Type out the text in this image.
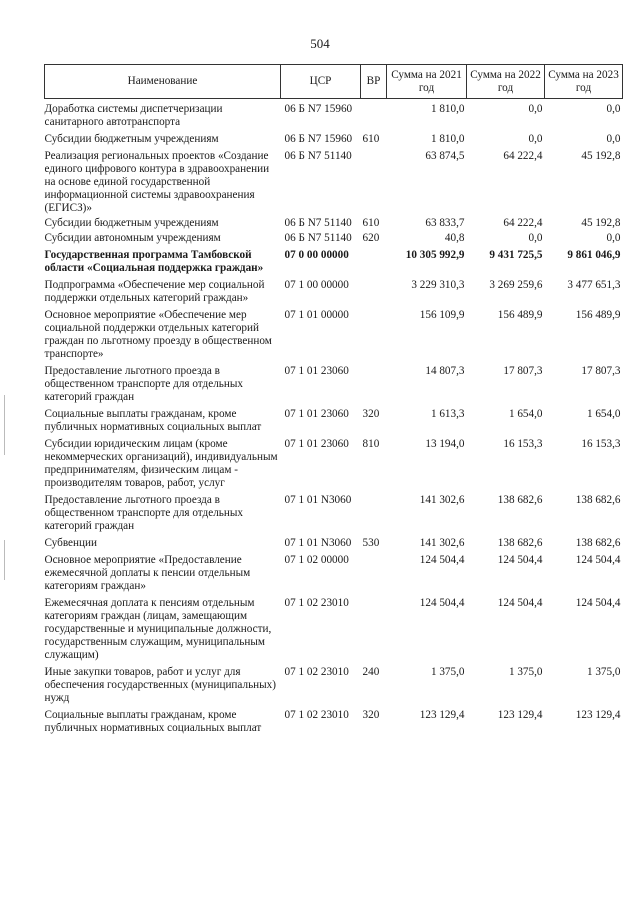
504
Наименование	ЦСР	ВР	Сумма на 2021 год	Сумма на 2022 год	Сумма на 2023 год

Доработка системы диспетчеризации санитарного автотранспорта	06 Б N7 15960		1 810,0	0,0	0,0

Субсидии бюджетным учреждениям	06 Б N7 15960	610	1 810,0	0,0	0,0

Реализация региональных проектов «Создание единого цифрового контура в здравоохранении на основе единой государственной информационной системы здравоохранения (ЕГИСЗ)»	06 Б N7 51140		63 874,5	64 222,4	45 192,8

Субсидии бюджетным учреждениям	06 Б N7 51140	610	63 833,7	64 222,4	45 192,8

Субсидии автономным учреждениям	06 Б N7 51140	620	40,8	0,0	0,0

Государственная программа Тамбовской области «Социальная поддержка граждан»	07 0 00 00000		10 305 992,9	9 431 725,5	9 861 046,9

Подпрограмма «Обеспечение мер социальной поддержки отдельных категорий граждан»	07 1 00 00000		3 229 310,3	3 269 259,6	3 477 651,3

Основное мероприятие «Обеспечение мер социальной поддержки отдельных категорий граждан по льготному проезду в общественном транспорте»	07 1 01 00000		156 109,9	156 489,9	156 489,9

Предоставление льготного проезда в общественном транспорте для отдельных категорий граждан	07 1 01 23060		14 807,3	17 807,3	17 807,3

Социальные выплаты гражданам, кроме публичных нормативных социальных выплат	07 1 01 23060	320	1 613,3	1 654,0	1 654,0

Субсидии юридическим лицам (кроме некоммерческих организаций), индивидуальным предпринимателям, физическим лицам - производителям товаров, работ, услуг	07 1 01 23060	810	13 194,0	16 153,3	16 153,3

Предоставление льготного проезда в общественном транспорте для отдельных категорий граждан	07 1 01 N3060		141 302,6	138 682,6	138 682,6

Субвенции	07 1 01 N3060	530	141 302,6	138 682,6	138 682,6

Основное мероприятие «Предоставление ежемесячной доплаты к пенсии отдельным категориям граждан»	07 1 02 00000		124 504,4	124 504,4	124 504,4

Ежемесячная доплата к пенсиям отдельным категориям граждан (лицам, замещающим государственные и муниципальные должности, государственным служащим, муниципальным служащим)	07 1 02 23010		124 504,4	124 504,4	124 504,4

Иные закупки товаров, работ и услуг для обеспечения государственных (муниципальных) нужд	07 1 02 23010	240	1 375,0	1 375,0	1 375,0

Социальные выплаты гражданам, кроме публичных нормативных социальных выплат	07 1 02 23010	320	123 129,4	123 129,4	123 129,4
